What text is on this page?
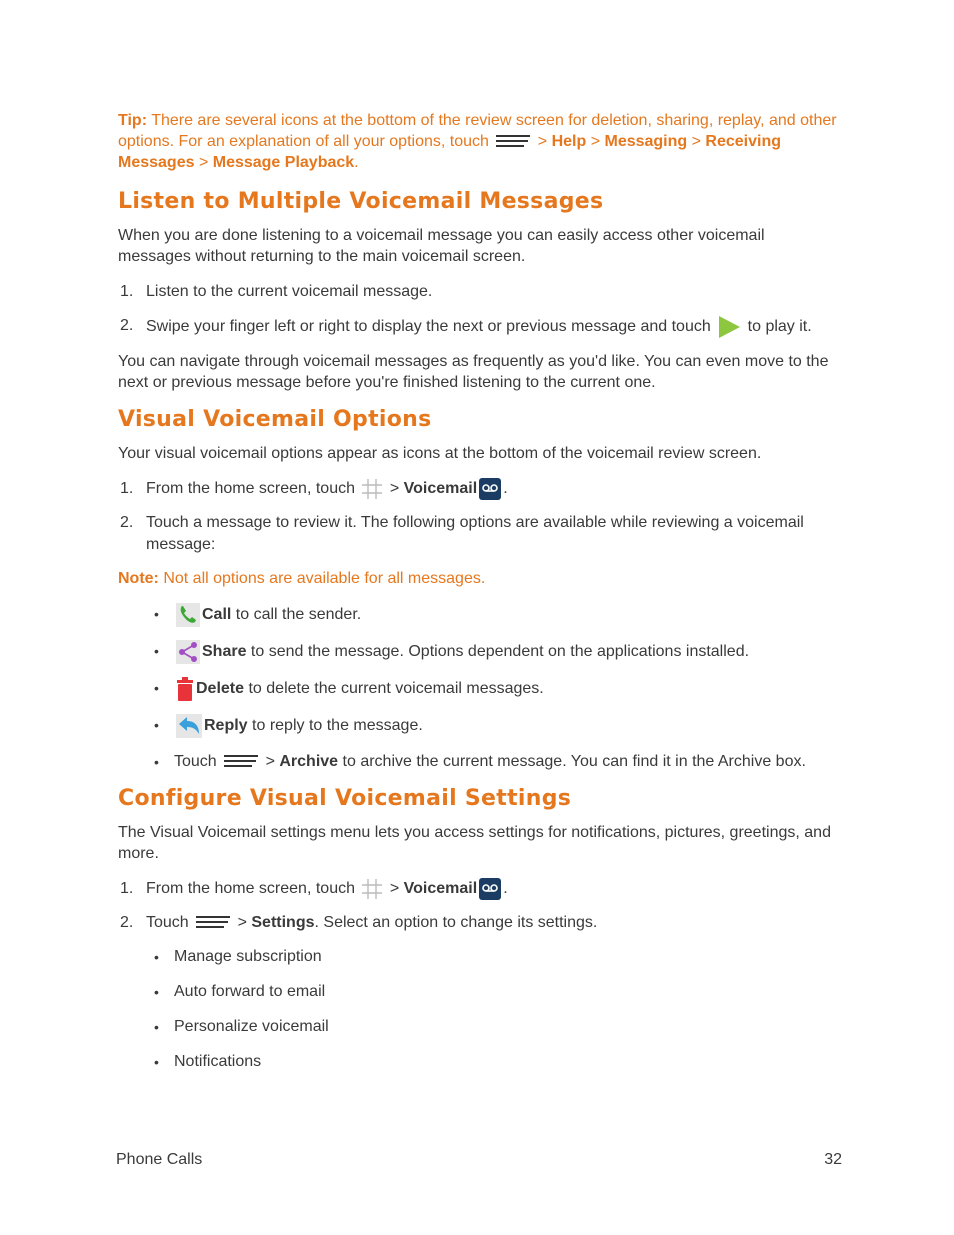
Tip: There are several icons at the bottom of the review screen for deletion, sharing, replay, and other options. For an explanation of all your options, touch	> Help > Messaging > Receiving Messages > Message Playback.

Listen to Multiple Voicemail Messages

When you are done listening to a voicemail message you can easily access other voicemail messages without returning to the main voicemail screen.

1. Listen to the current voicemail message.
2. Swipe your finger left or right to display the next or previous message and touch  to play it.

You can navigate through voicemail messages as frequently as you'd like. You can even move to the next or previous message before you're finished listening to the current one.

Visual Voicemail Options

Your visual voicemail options appear as icons at the bottom of the voicemail review screen.

1. From the home screen, touch  > Voicemail .
2. Touch a message to review it. The following options are available while reviewing a voicemail message:

Note: Not all options are available for all messages.

• Call to call the sender.
• Share to send the message. Options dependent on the applications installed.
• Delete to delete the current voicemail messages.
• Reply to reply to the message.
• Touch	> Archive to archive the current message. You can find it in the Archive box.
Configure Visual Voicemail Settings

The Visual Voicemail settings menu lets you access settings for notifications, pictures, greetings, and more.

1. From the home screen, touch  > Voicemail .
2. Touch	> Settings. Select an option to change its settings.
• Manage subscription
• Auto forward to email
• Personalize voicemail
• Notifications
Phone Calls	32
